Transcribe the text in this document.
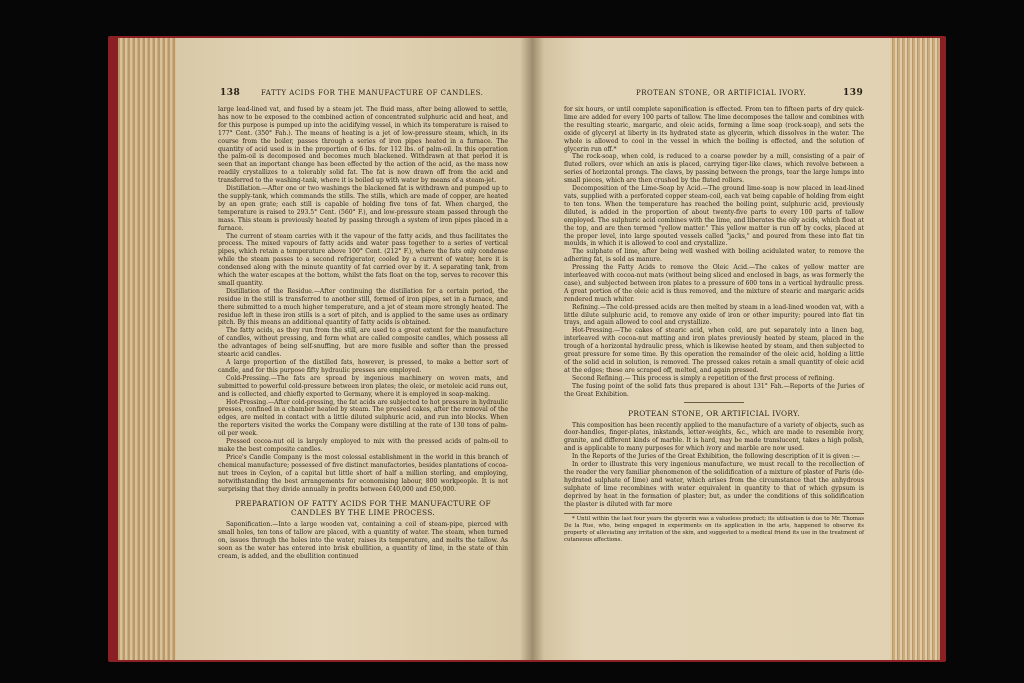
138	FATTY ACIDS FOR THE MANUFACTURE OF CANDLES.

large lead-lined vat, and fused by a steam jet. The fluid mass, after being allowed to settle, has now to be exposed to the combined action of concentrated sulphuric acid and heat, and for this purpose is pumped up into the acidifying vessel, in which its temperature is raised to 177° Cent. (350° Fah.). The means of heating is a jet of low-pressure steam, which, in its course from the boiler, passes through a series of iron pipes heated in a furnace. The quantity of acid used is in the proportion of 6 lbs. for 112 lbs. of palm-oil. In this operation the palm-oil is decomposed and becomes much blackened. Withdrawn at that period it is seen that an important change has been effected by the action of the acid, as the mass now readily crystallizes to a tolerably solid fat. The fat is now drawn off from the acid and transferred to the washing-tank, where it is boiled up with water by means of a steam-jet.

Distillation.—After one or two washings the blackened fat is withdrawn and pumped up to the supply-tank, which commands the stills. The stills, which are made of copper, are heated by an open grate; each still is capable of holding five tons of fat. When charged, the temperature is raised to 293.5° Cent. (560° F.), and low-pressure steam passed through the mass. This steam is previously heated by passing through a system of iron pipes placed in a furnace.

The current of steam carries with it the vapour of the fatty acids, and thus facilitates the process. The mixed vapours of fatty acids and water pass together to a series of vertical pipes, which retain a temperature above 100° Cent. (212° F.), where the fats only condense while the steam passes to a second refrigerator, cooled by a current of water; here it is condensed along with the minute quantity of fat carried over by it. A separating tank, from which the water escapes at the bottom, whilst the fats float on the top, serves to recover this small quantity.

Distillation of the Residue.—After continuing the distillation for a certain period, the residue in the still is transferred to another still, formed of iron pipes, set in a furnace, and there submitted to a much higher temperature, and a jet of steam more strongly heated. The residue left in these iron stills is a sort of pitch, and is applied to the same uses as ordinary pitch. By this means an additional quantity of fatty acids is obtained.

The fatty acids, as they run from the still, are used to a great extent for the manufacture of candles, without pressing, and form what are called composite candles, which possess all the advantages of being self-snuffing, but are more fusible and softer than the pressed stearic acid candles.

A large proportion of the distilled fats, however, is pressed, to make a better sort of candle, and for this purpose fifty hydraulic presses are employed.

Cold-Pressing.—The fats are spread by ingenious machinery on woven mats, and submitted to powerful cold-pressure between iron plates; the oleic, or metoleic acid runs out, and is collected, and chiefly exported to Germany, where it is employed in soap-making.

Hot-Pressing.—After cold-pressing, the fat acids are subjected to hot pressure in hydraulic presses, confined in a chamber heated by steam. The pressed cakes, after the removal of the edges, are melted in contact with a little diluted sulphuric acid, and run into blocks. When the reporters visited the works the Company were distilling at the rate of 130 tons of palm-oil per week.

Pressed cocoa-nut oil is largely employed to mix with the pressed acids of palm-oil to make the best composite candles.

Price's Candle Company is the most colossal establishment in the world in this branch of chemical manufacture; possessed of five distinct manufactories, besides plantations of cocoa-nut trees in Ceylon, of a capital but little short of half a million sterling, and employing, notwithstanding the best arrangements for economising labour, 800 workpeople. It is not surprising that they divide annually in profits between £40,000 and £50,000.

PREPARATION OF FATTY ACIDS FOR THE MANUFACTURE OF CANDLES BY THE LIME PROCESS.

Saponification.—Into a large wooden vat, containing a coil of steam-pipe, pierced with small holes, ten tons of tallow are placed, with a quantity of water. The steam, when turned on, issues through the holes into the water, raises its temperature, and melts the tallow. As soon as the water has entered into brisk ebullition, a quantity of lime, in the state of thin cream, is added, and the ebullition continued

PROTEAN STONE, OR ARTIFICIAL IVORY.	139

for six hours, or until complete saponification is effected. From ten to fifteen parts of dry quick-lime are added for every 100 parts of tallow. The lime decomposes the tallow and combines with the resulting stearic, margaric, and oleic acids, forming a lime soap (rock-soap), and sets the oxide of glyceryl at liberty in its hydrated state as glycerin, which dissolves in the water. The whole is allowed to cool in the vessel in which the boiling is effected, and the solution of glycerin run off.*

The rock-soap, when cold, is reduced to a coarse powder by a mill, consisting of a pair of fluted rollers, over which an axis is placed, carrying tiger-like claws, which revolve between a series of horizontal prongs. The claws, by passing between the prongs, tear the large lumps into small pieces, which are then crushed by the fluted rollers.

Decomposition of the Lime-Soap by Acid.—The ground lime-soap is now placed in lead-lined vats, supplied with a perforated copper steam-coil, each vat being capable of holding from eight to ten tons. When the temperature has reached the boiling point, sulphuric acid, previously diluted, is added in the proportion of about twenty-five parts to every 100 parts of tallow employed. The sulphuric acid combines with the lime, and liberates the oily acids, which float at the top, and are then termed "yellow matter." This yellow matter is run off by cocks, placed at the proper level, into large spouted vessels called "jacks," and poured from these into flat tin moulds, in which it is allowed to cool and crystallize.

The sulphate of lime, after being well washed with boiling acidulated water, to remove the adhering fat, is sold as manure.

Pressing the Fatty Acids to remove the Oleic Acid.—The cakes of yellow matter are interleaved with cocoa-nut mats (without being sliced and enclosed in bags, as was formerly the case), and subjected between iron plates to a pressure of 600 tons in a vertical hydraulic press. A great portion of the oleic acid is thus removed, and the mixture of stearic and margaric acids rendered much whiter.

Refining.—The cold-pressed acids are then melted by steam in a lead-lined wooden vat, with a little dilute sulphuric acid, to remove any oxide of iron or other impurity; poured into flat tin trays, and again allowed to cool and crystallize.

Hot-Pressing.—The cakes of stearic acid, when cold, are put separately into a linen bag, interleaved with cocoa-nut matting and iron plates previously heated by steam, placed in the trough of a horizontal hydraulic press, which is likewise heated by steam, and then subjected to great pressure for some time. By this operation the remainder of the oleic acid, holding a little of the solid acid in solution, is removed. The pressed cakes retain a small quantity of oleic acid at the edges; these are scraped off, melted, and again pressed.

Second Refining.— This process is simply a repetition of the first process of refining.

The fusing point of the solid fats thus prepared is about 131° Fah.—Reports of the Juries of the Great Exhibition.

PROTEAN STONE, OR ARTIFICIAL IVORY.

This composition has been recently applied to the manufacture of a variety of objects, such as door-handles, finger-plates, inkstands, letter-weights, &c., which are made to resemble ivory, granite, and different kinds of marble. It is hard, may be made translucent, takes a high polish, and is applicable to many purposes for which ivory and marble are now used.

In the Reports of the Juries of the Great Exhibition, the following description of it is given :—

In order to illustrate this very ingenious manufacture, we must recall to the recollection of the reader the very familiar phenomenon of the solidification of a mixture of plaster of Paris (de-hydrated sulphate of lime) and water, which arises from the circumstance that the anhydrous sulphate of lime recombines with water equivalent in quantity to that of which gypsum is deprived by heat in the formation of plaster; but, as under the conditions of this solidification the plaster is diluted with far more

* Until within the last four years the glycerin was a valueless product; its utilisation is due to Mr. Thomas De la Rue, who, being engaged in experiments on its application in the arts, happened to observe its property of alleviating any irritation of the skin, and suggested to a medical friend its use in the treatment of cutaneous affections.
